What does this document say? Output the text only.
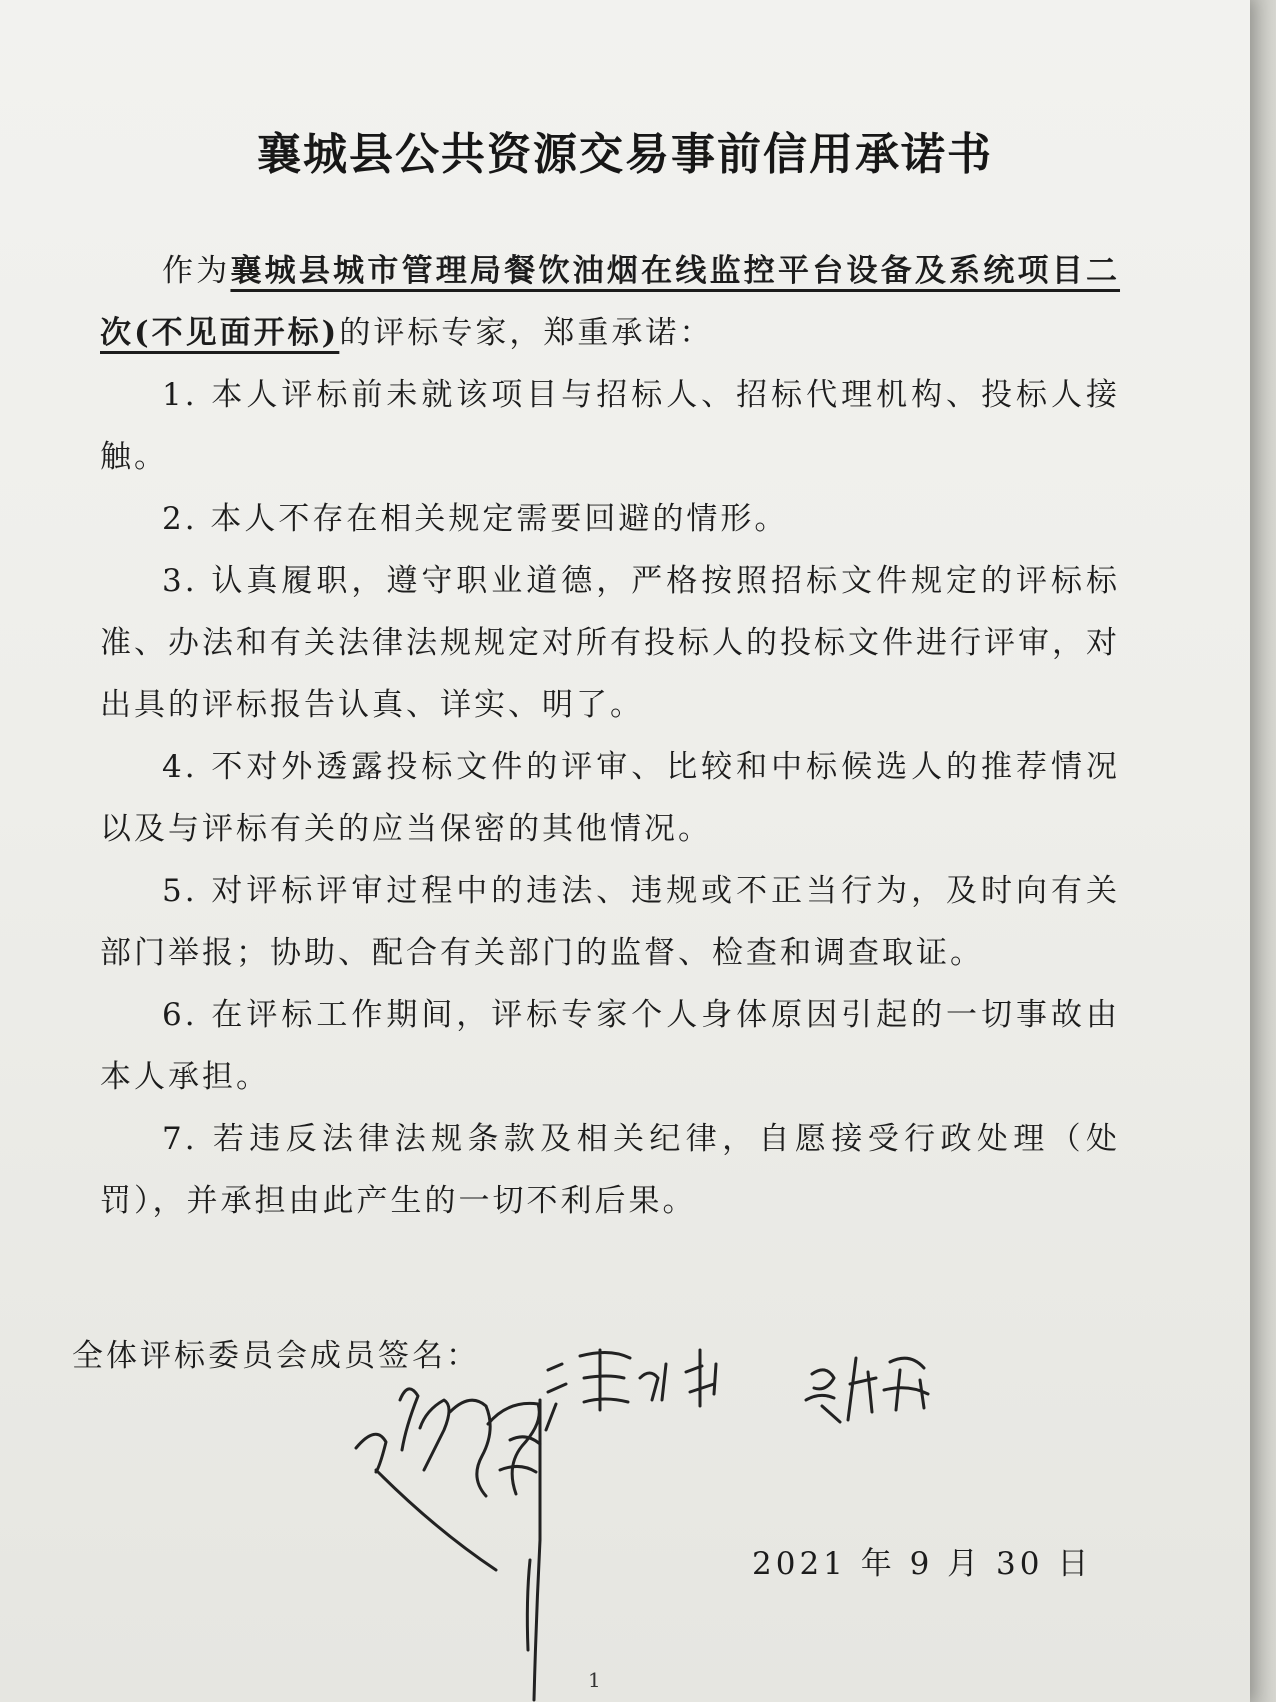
襄城县公共资源交易事前信用承诺书

作为襄城县城市管理局餐饮油烟在线监控平台设备及系统项目二次(不见面开标)的评标专家，郑重承诺：

1. 本人评标前未就该项目与招标人、招标代理机构、投标人接触。

2. 本人不存在相关规定需要回避的情形。

3. 认真履职，遵守职业道德，严格按照招标文件规定的评标标准、办法和有关法律法规规定对所有投标人的投标文件进行评审，对出具的评标报告认真、详实、明了。

4. 不对外透露投标文件的评审、比较和中标候选人的推荐情况以及与评标有关的应当保密的其他情况。

5. 对评标评审过程中的违法、违规或不正当行为，及时向有关部门举报；协助、配合有关部门的监督、检查和调查取证。

6. 在评标工作期间，评标专家个人身体原因引起的一切事故由本人承担。

7. 若违反法律法规条款及相关纪律，自愿接受行政处理（处罚），并承担由此产生的一切不利后果。

全体评标委员会成员签名：
2021 年 9 月 30 日
1
